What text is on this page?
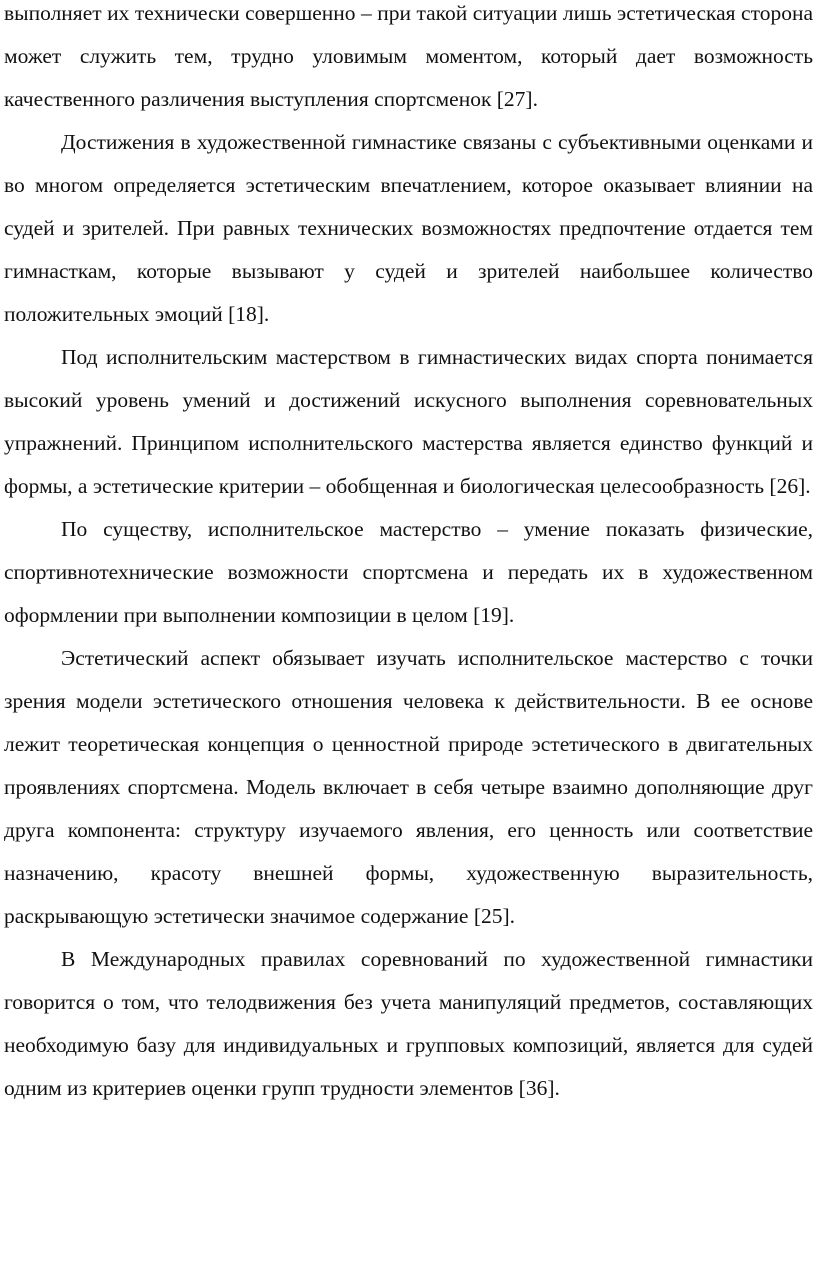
выполняет их технически совершенно – при такой ситуации лишь эстетическая сторона может служить тем, трудно уловимым моментом, который дает возможность качественного различения выступления спортсменок [27].

Достижения в художественной гимнастике связаны с субъективными оценками и во многом определяется эстетическим впечатлением, которое оказывает влиянии на судей и зрителей. При равных технических возможностях предпочтение отдается тем гимнасткам, которые вызывают у судей и зрителей наибольшее количество положительных эмоций [18].

Под исполнительским мастерством в гимнастических видах спорта понимается высокий уровень умений и достижений искусного выполнения соревновательных упражнений. Принципом исполнительского мастерства является единство функций и формы, а эстетические критерии – обобщенная и биологическая целесообразность [26].

По существу, исполнительское мастерство – умение показать физические, спортивнотехнические возможности спортсмена и передать их в художественном оформлении при выполнении композиции в целом [19].

Эстетический аспект обязывает изучать исполнительское мастерство с точки зрения модели эстетического отношения человека к действительности. В ее основе лежит теоретическая концепция о ценностной природе эстетического в двигательных проявлениях спортсмена. Модель включает в себя четыре взаимно дополняющие друг друга компонента: структуру изучаемого явления, его ценность или соответствие назначению, красоту внешней формы, художественную выразительность, раскрывающую эстетически значимое содержание [25].

В Международных правилах соревнований по художественной гимнастики говорится о том, что телодвижения без учета манипуляций предметов, составляющих необходимую базу для индивидуальных и групповых композиций, является для судей одним из критериев оценки групп трудности элементов [36].
